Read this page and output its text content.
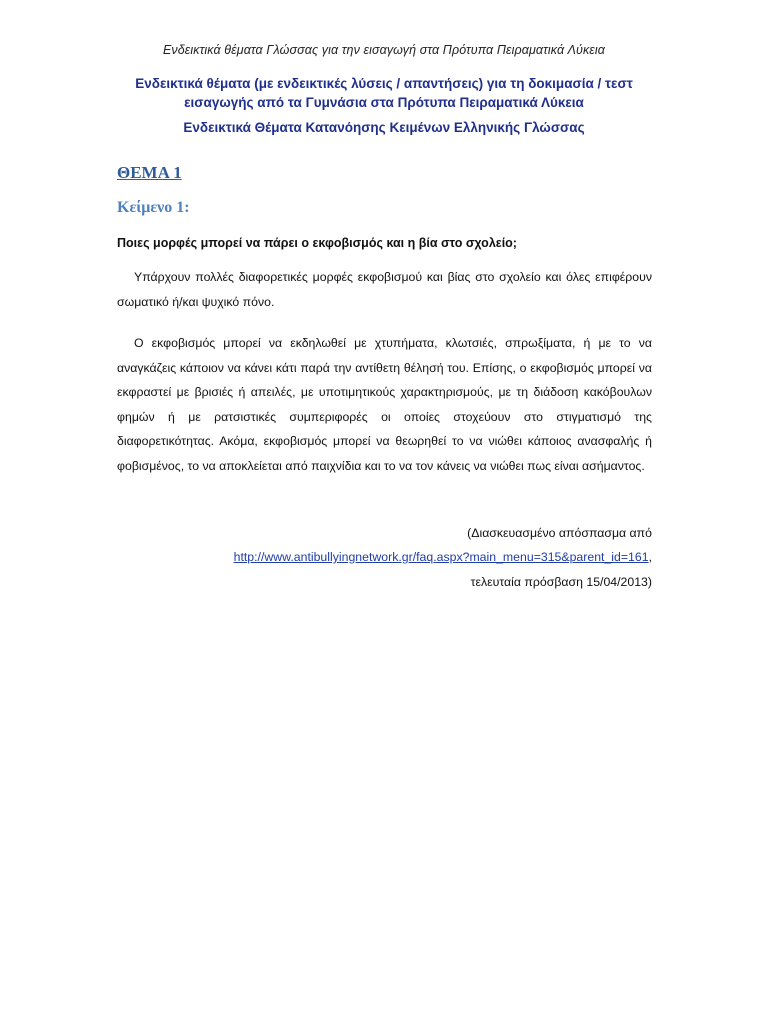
Ενδεικτικά θέματα Γλώσσας για την εισαγωγή στα Πρότυπα Πειραματικά Λύκεια
Ενδεικτικά θέματα (με ενδεικτικές λύσεις / απαντήσεις) για τη δοκιμασία / τεστ
εισαγωγής από τα Γυμνάσια στα Πρότυπα Πειραματικά Λύκεια
Ενδεικτικά Θέματα Κατανόησης Κειμένων Ελληνικής Γλώσσας
ΘΕΜΑ 1
Κείμενο 1:
Ποιες μορφές μπορεί να πάρει ο εκφοβισμός και η βία στο σχολείο;

Υπάρχουν πολλές διαφορετικές μορφές εκφοβισμού και βίας στο σχολείο και όλες επιφέρουν σωματικό ή/και ψυχικό πόνο.

Ο εκφοβισμός μπορεί να εκδηλωθεί με χτυπήματα, κλωτσιές, σπρωξίματα, ή με το να αναγκάζεις κάποιον να κάνει κάτι παρά την αντίθετη θέλησή του. Επίσης, ο εκφοβισμός μπορεί να εκφραστεί με βρισιές ή απειλές, με υποτιμητικούς χαρακτηρισμούς, με τη διάδοση κακόβουλων φημών ή με ρατσιστικές συμπεριφορές οι οποίες στοχεύουν στο στιγματισμό της διαφορετικότητας. Ακόμα, εκφοβισμός μπορεί να θεωρηθεί το να νιώθει κάποιος ανασφαλής ή φοβισμένος, το να αποκλείεται από παιχνίδια και το να τον κάνεις να νιώθει πως είναι ασήμαντος.

(Διασκευασμένο απόσπασμα από
http://www.antibullyingnetwork.gr/faq.aspx?main_menu=315&parent_id=161,
τελευταία πρόσβαση 15/04/2013)
